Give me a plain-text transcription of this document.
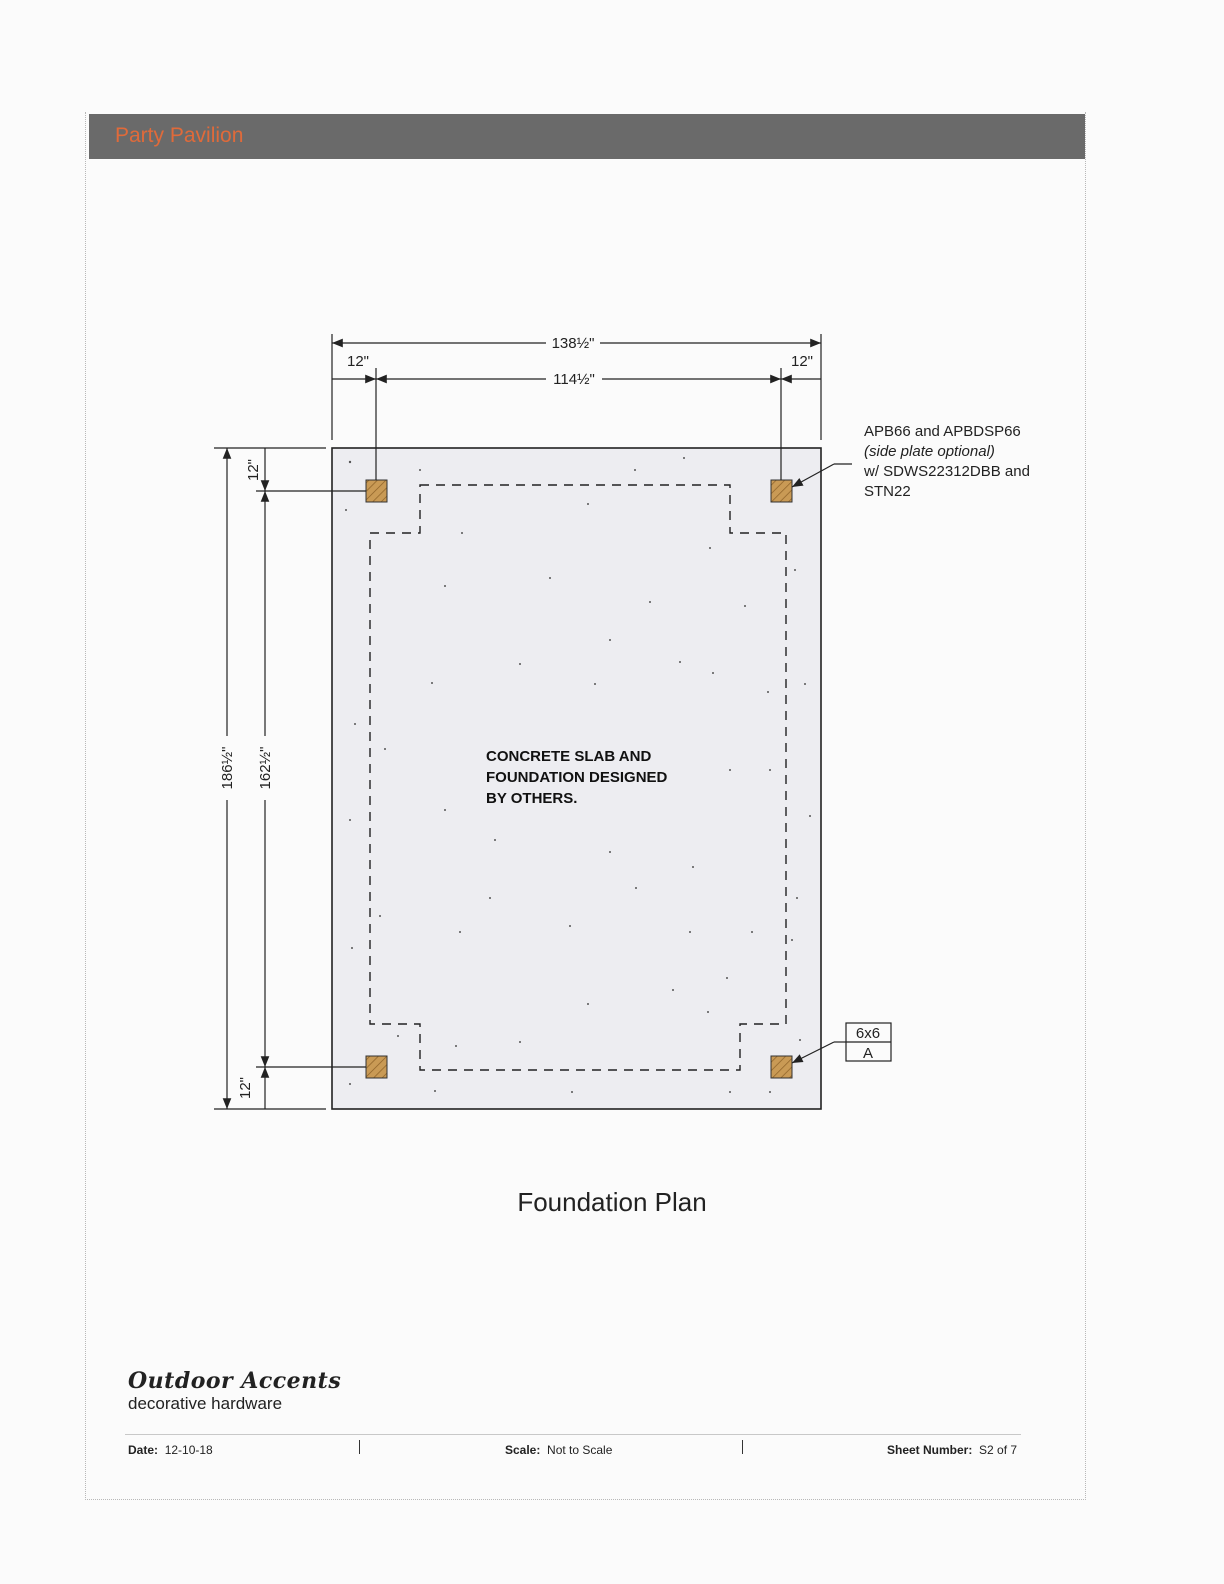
Party Pavilion
138½"
114½"
12"	12"
186½" 162½"
12"
12"
APB66 and APBDSP66
(side plate optional)
w/ SDWS22312DBB and
STN22
6x6
A
CONCRETE SLAB AND
FOUNDATION DESIGNED
BY OTHERS.
Foundation Plan
Outdoor Accents
decorative hardware
Date: 12-10-18	Scale: Not to Scale	Sheet Number: S2 of 7
